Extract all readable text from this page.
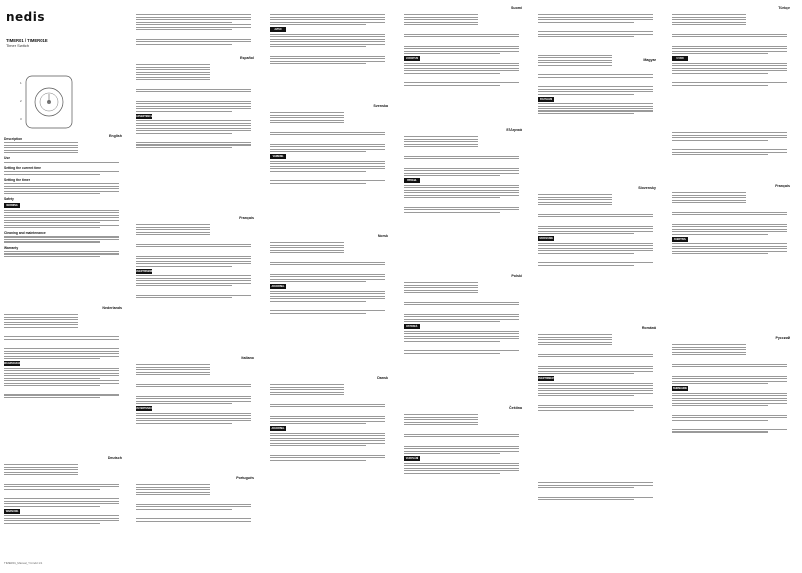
nedis
TIMER01 / TIMER01E
Timer Switch
1
2
3
English
Description
Use
Setting the current time
Setting the timer
Safety
WARNING
Cleaning and maintenance
Warranty
Nederlands

WAARSCHUWING

Deutsch

WARNUNG

Español

ADVERTENCIA

Français

AVERTISSEMENT

Italiano

AVVERTENZA
Português

AVISO

Svenska

VARNING

Norsk

ADVARSEL

Dansk

ADVARSEL

Suomi

VAROITUS

Ελληνικά

ΠΡΟΕΙΔ.

Polski

OSTRZEŻ.

Čeština

VAROVÁNÍ

Magyar

FIGYELEM
Slovensky

VAROVANIE

Română

AVERTISMENT

Türkçe

UYARI

Français

AVERTISS.
Русский

ВНИМАНИЕ

TIMER01_Manual_Y4.indd 1/1
